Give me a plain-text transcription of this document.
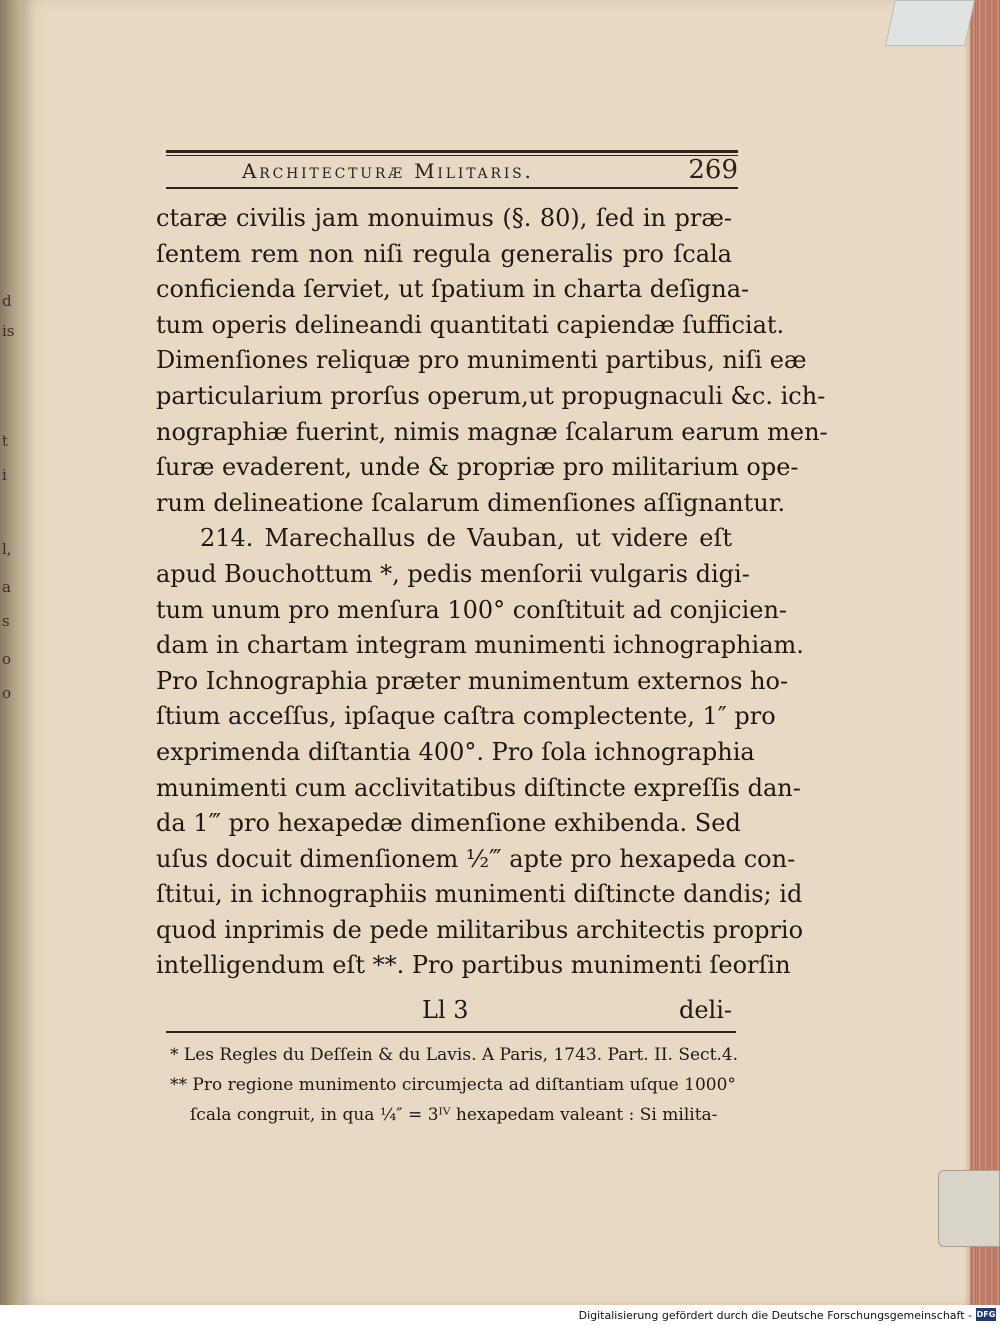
d
is
t
i
l,
a
s
o
o
Architecturæ Militaris.	269
ctaræ civilis jam monuimus (§. 80), ſed in præ-
ſentem rem non niſi regula generalis pro ſcala
conficienda ſerviet, ut ſpatium in charta deſigna-
tum operis delineandi quantitati capiendæ ſufficiat.
Dimenſiones reliquæ pro munimenti partibus, niſi eæ
particularium prorſus operum,ut propugnaculi &c. ich-
nographiæ fuerint, nimis magnæ ſcalarum earum men-
ſuræ evaderent, unde & propriæ pro militarium ope-
rum delineatione ſcalarum dimenſiones aſſignantur.
214. Marechallus de Vauban, ut videre eſt
apud Bouchottum *, pedis menſorii vulgaris digi-
tum unum pro menſura 100° conſtituit ad conjicien-
dam in chartam integram munimenti ichnographiam.
Pro Ichnographia præter munimentum externos ho-
ſtium acceſſus, ipſaque caſtra complectente, 1″ pro
exprimenda diſtantia 400°. Pro ſola ichnographia
munimenti cum acclivitatibus diſtincte expreſſis dan-
da 1‴ pro hexapedæ dimenſione exhibenda. Sed
uſus docuit dimenſionem ½‴ apte pro hexapeda con-
ſtitui, in ichnographiis munimenti diſtincte dandis; id
quod inprimis de pede militaribus architectis proprio
intelligendum eſt **. Pro partibus munimenti ſeorſin
Ll 3	deli-
* Les Regles du Deſſein & du Lavis. A Paris, 1743. Part. II. Sect.4.
** Pro regione munimento circumjecta ad diſtantiam uſque 1000°
ſcala congruit, in qua ¼″ = 3ᴵⱽ hexapedam valeant : Si milita-
Digitalisierung gefördert durch die Deutsche Forschungsgemeinschaft - DFG
